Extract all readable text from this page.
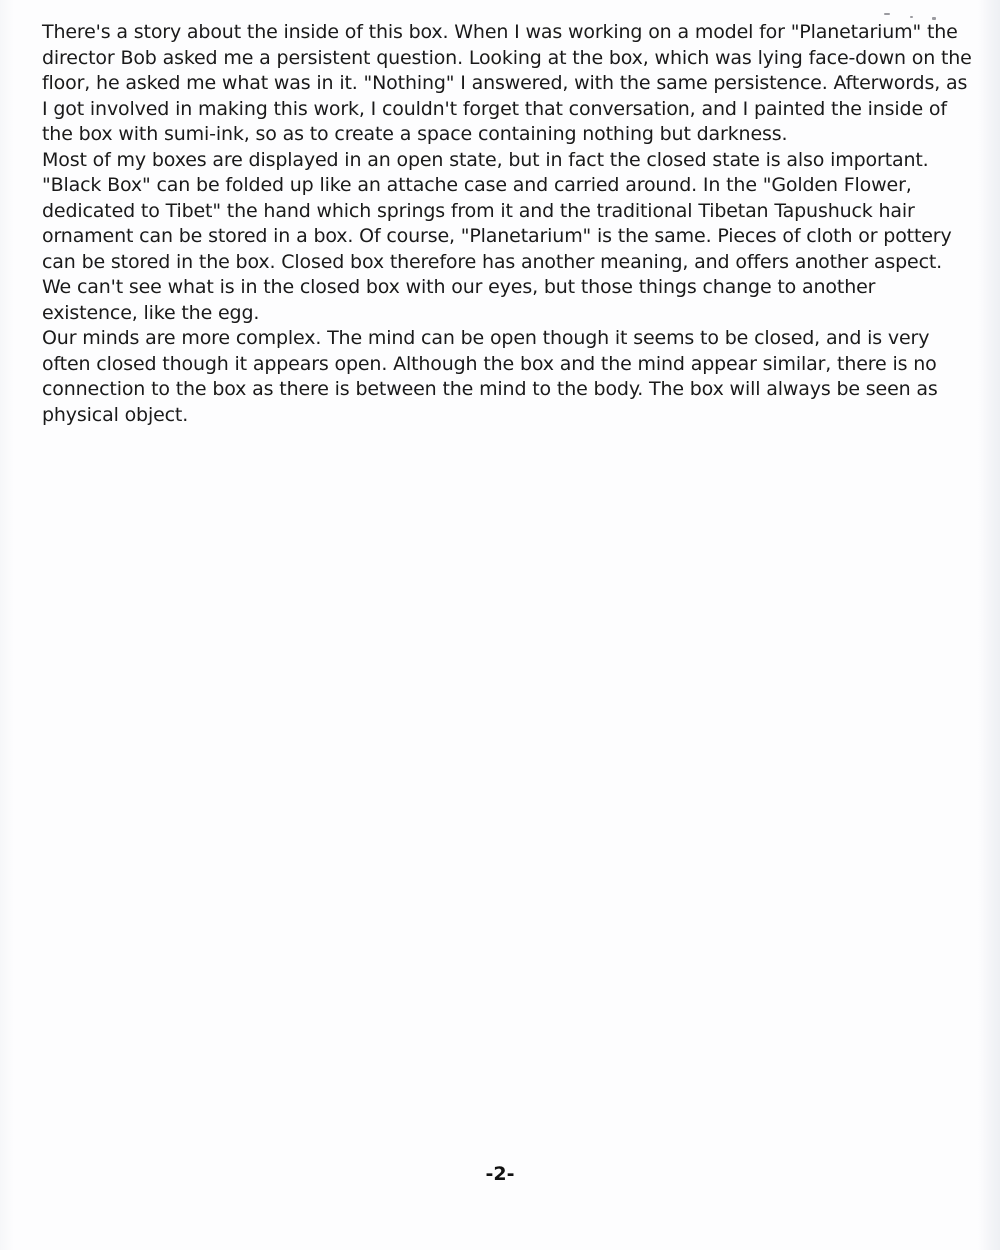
There's a story about the inside of this box. When I was working on a model for "Planetarium" the director Bob asked me a persistent question. Looking at the box, which was lying face-down on the floor, he asked me what was in it. "Nothing" I answered, with the same persistence. Afterwords, as I got involved in making this work, I couldn't forget that conversation, and I painted the inside of the box with sumi-ink, so as to create a space containing nothing but darkness.

Most of my boxes are displayed in an open state, but in fact the closed state is also important. "Black Box" can be folded up like an attache case and carried around. In the "Golden Flower, dedicated to Tibet" the hand which springs from it and the traditional Tibetan Tapushuck hair ornament can be stored in a box. Of course, "Planetarium" is the same. Pieces of cloth or pottery can be stored in the box. Closed box therefore has another meaning, and offers another aspect. We can't see what is in the closed box with our eyes, but those things change to another existence, like the egg.

Our minds are more complex. The mind can be open though it seems to be closed, and is very often closed though it appears open. Although the box and the mind appear similar, there is no connection to the box as there is between the mind to the body. The box will always be seen as physical object.

-2-
